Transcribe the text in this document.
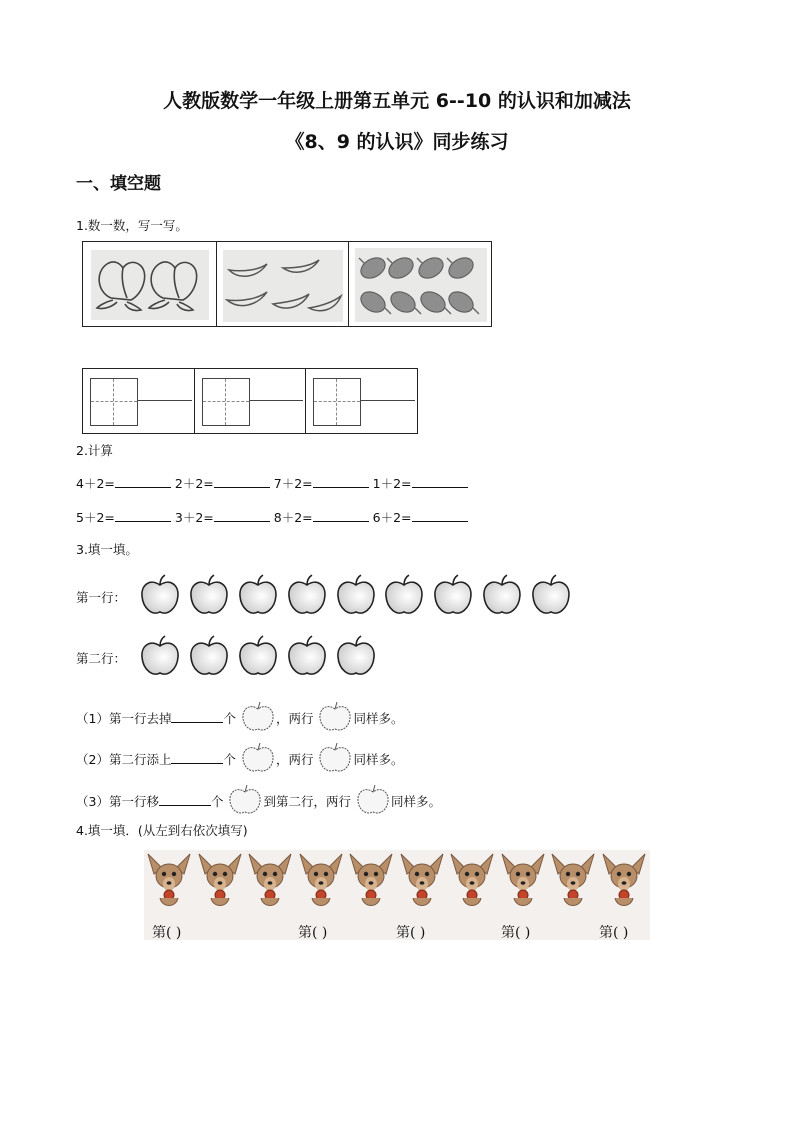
人教版数学一年级上册第五单元 6--10 的认识和加减法
《8、9 的认识》同步练习
一、填空题
1.数一数，写一写。
2.计算
4＋2=	2＋2=	7＋2=	1＋2=
5＋2=	3＋2=	8＋2=	6＋2=
3.填一填。
第一行：
第二行：
（1）第一行去掉	个	，两行	同样多。
（2）第二行添上	个	，两行	同样多。
（3）第一行移	个	到第二行，两行	同样多。
4.填一填．(从左到右依次填写)
第( )	第( )	第( )	第( )	第( )
